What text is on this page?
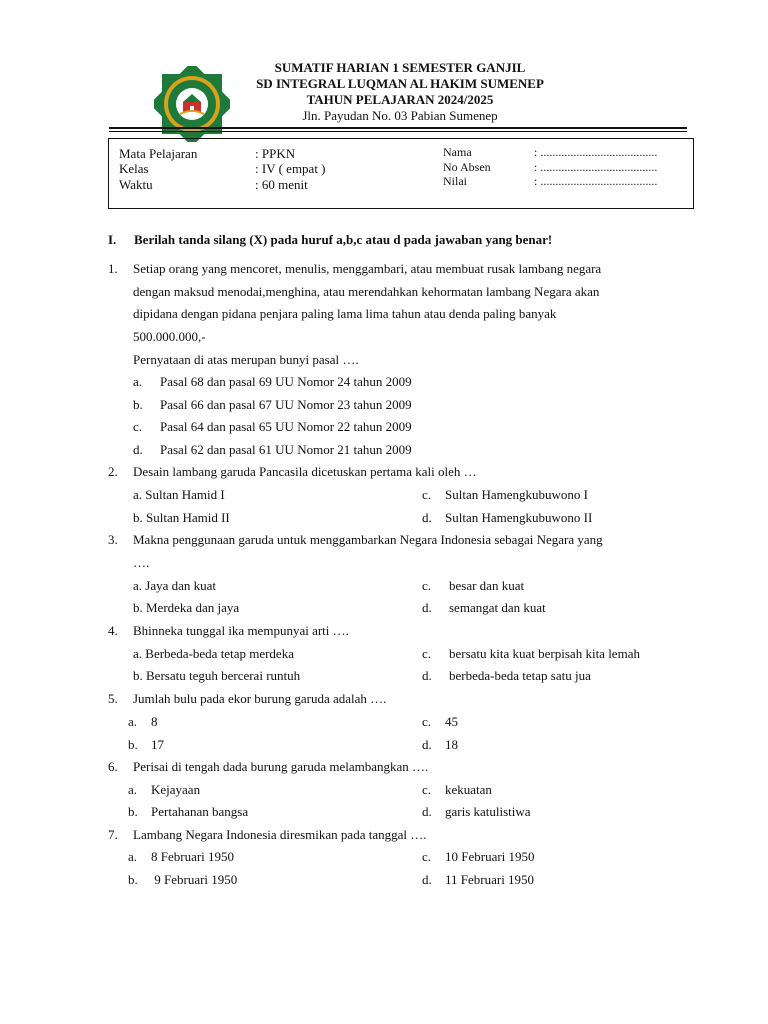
SUMATIF HARIAN 1 SEMESTER GANJIL
SD INTEGRAL LUQMAN AL HAKIM SUMENEP
TAHUN PELAJARAN 2024/2025
Jln. Payudan No. 03 Pabian Sumenep
Mata Pelajaran	: PPKN
Kelas	: IV ( empat )
Waktu	: 60 menit
Nama	: .......................................
No Absen	: .......................................
Nilai	: .......................................
I. Berilah tanda silang (X) pada huruf a,b,c atau d pada jawaban yang benar!
1. Setiap orang yang mencoret, menulis, menggambari, atau membuat rusak lambang negara
dengan maksud menodai,menghina, atau merendahkan kehormatan lambang Negara akan
dipidana dengan pidana penjara paling lama lima tahun atau denda paling banyak
500.000.000,-
Pernyataan di atas merupan bunyi pasal ….
a. Pasal 68 dan pasal 69 UU Nomor 24 tahun 2009
b. Pasal 66 dan pasal 67 UU Nomor 23 tahun 2009
c. Pasal 64 dan pasal 65 UU Nomor 22 tahun 2009
d. Pasal 62 dan pasal 61 UU Nomor 21 tahun 2009
2. Desain lambang garuda Pancasila dicetuskan pertama kali oleh …
a. Sultan Hamid I
b. Sultan Hamid II
c. Sultan Hamengkubuwono I
d. Sultan Hamengkubuwono II
3. Makna penggunaan garuda untuk menggambarkan Negara Indonesia sebagai Negara yang
….
a. Jaya dan kuat
b. Merdeka dan jaya
c. besar dan kuat
d. semangat dan kuat
4. Bhinneka tunggal ika mempunyai arti ….
a. Berbeda-beda tetap merdeka
b. Bersatu teguh bercerai runtuh
c. bersatu kita kuat berpisah kita lemah
d. berbeda-beda tetap satu jua
5. Jumlah bulu pada ekor burung garuda adalah ….
a. 8
b. 17
c. 45
d. 18
6. Perisai di tengah dada burung garuda melambangkan ….
a. Kejayaan
b. Pertahanan bangsa
c. kekuatan
d. garis katulistiwa
7. Lambang Negara Indonesia diresmikan pada tanggal ….
a. 8 Februari 1950
b. 9 Februari 1950
c. 10 Februari 1950
d. 11 Februari 1950
